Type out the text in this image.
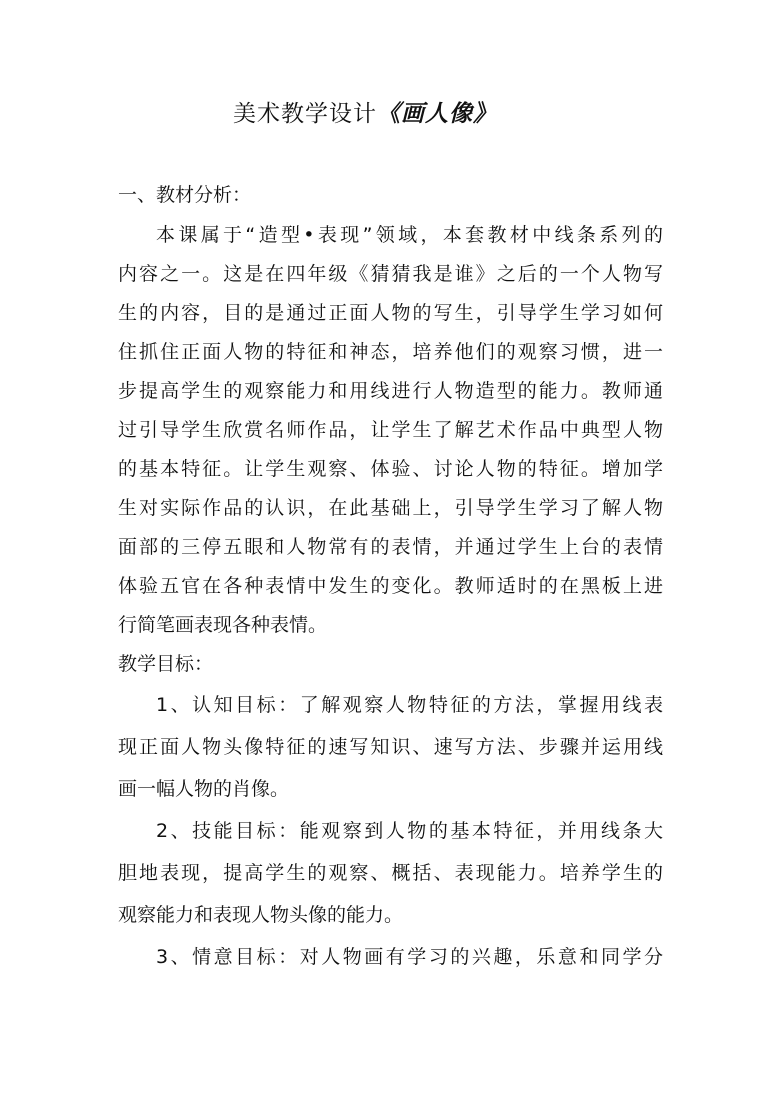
美术教学设计《画人像》
一、教材分析：
本课属于“造型•表现”领域，本套教材中线条系列的
内容之一。这是在四年级《猜猜我是谁》之后的一个人物写
生的内容，目的是通过正面人物的写生，引导学生学习如何
住抓住正面人物的特征和神态，培养他们的观察习惯，进一
步提高学生的观察能力和用线进行人物造型的能力。教师通
过引导学生欣赏名师作品，让学生了解艺术作品中典型人物
的基本特征。让学生观察、体验、讨论人物的特征。增加学
生对实际作品的认识，在此基础上，引导学生学习了解人物
面部的三停五眼和人物常有的表情，并通过学生上台的表情
体验五官在各种表情中发生的变化。教师适时的在黑板上进
行简笔画表现各种表情。
教学目标：
1、认知目标：了解观察人物特征的方法，掌握用线表
现正面人物头像特征的速写知识、速写方法、步骤并运用线
画一幅人物的肖像。
2、技能目标：能观察到人物的基本特征，并用线条大
胆地表现，提高学生的观察、概括、表现能力。培养学生的
观察能力和表现人物头像的能力。
3、情意目标：对人物画有学习的兴趣，乐意和同学分
